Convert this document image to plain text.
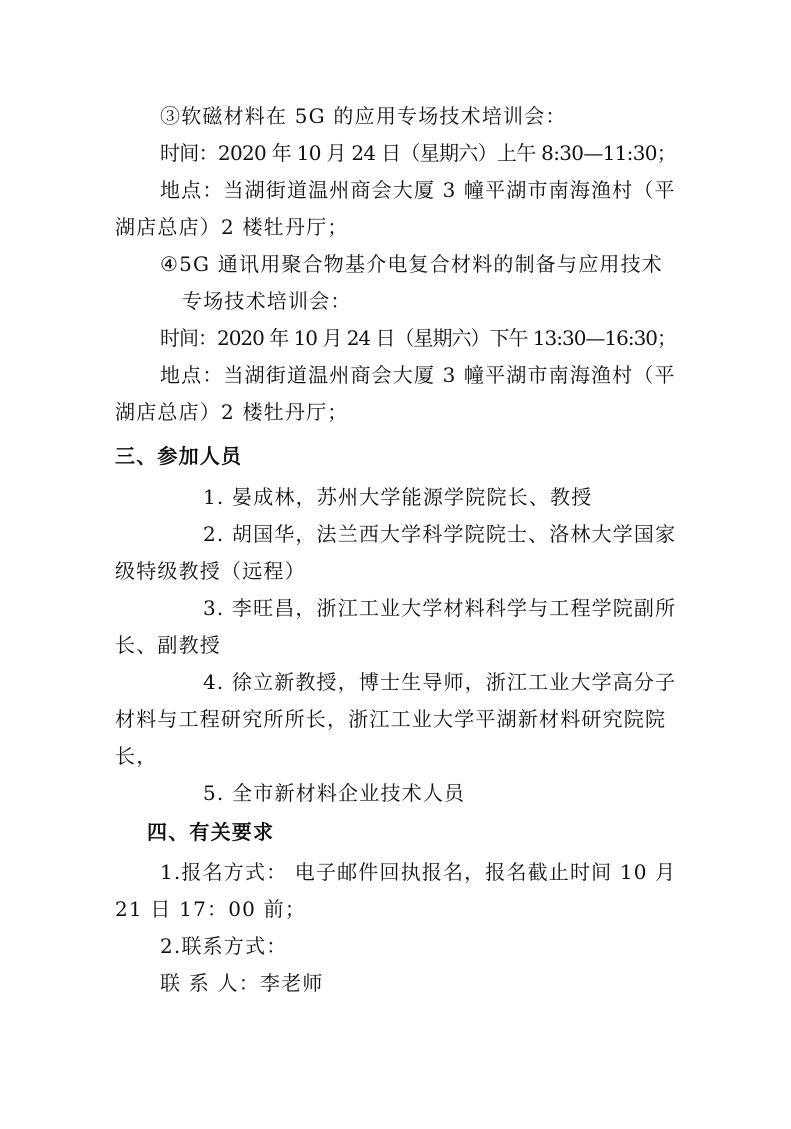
③软磁材料在 5G 的应用专场技术培训会：
时间：2020 年 10 月 24 日（星期六）上午 8:30—11:30；
地点：当湖街道温州商会大厦 3 幢平湖市南海渔村（平
湖店总店）2 楼牡丹厅；
④5G 通讯用聚合物基介电复合材料的制备与应用技术
专场技术培训会：
时间：2020 年 10 月 24 日（星期六）下午 13:30—16:30；
地点：当湖街道温州商会大厦 3 幢平湖市南海渔村（平
湖店总店）2 楼牡丹厅；
三、参加人员
1. 晏成林，苏州大学能源学院院长、教授
2. 胡国华，法兰西大学科学院院士、洛林大学国家
级特级教授（远程）
3. 李旺昌，浙江工业大学材料科学与工程学院副所
长、副教授
4. 徐立新教授，博士生导师，浙江工业大学高分子
材料与工程研究所所长，浙江工业大学平湖新材料研究院院
长，
5. 全市新材料企业技术人员
四、有关要求
1.报名方式： 电子邮件回执报名，报名截止时间 10 月
21 日 17：00 前；
2.联系方式：
联 系 人：李老师
